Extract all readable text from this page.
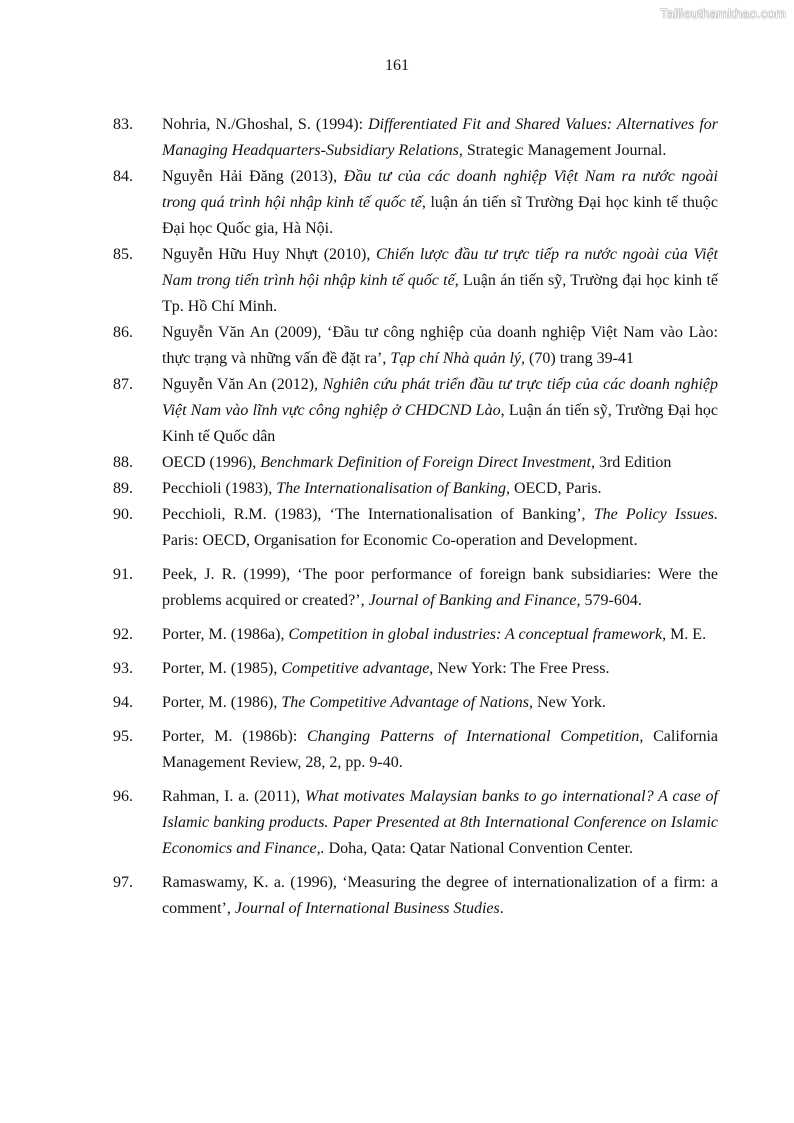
Tailieuthamkhao.com
161
83. Nohria, N./Ghoshal, S. (1994): Differentiated Fit and Shared Values: Alternatives for Managing Headquarters-Subsidiary Relations, Strategic Management Journal.
84. Nguyễn Hải Đăng (2013), Đầu tư của các doanh nghiệp Việt Nam ra nước ngoài trong quá trình hội nhập kinh tế quốc tế, luận án tiến sĩ Trường Đại học kinh tế thuộc Đại học Quốc gia, Hà Nội.
85. Nguyễn Hữu Huy Nhựt (2010), Chiến lược đầu tư trực tiếp ra nước ngoài của Việt Nam trong tiến trình hội nhập kinh tế quốc tế, Luận án tiến sỹ, Trường đại học kinh tế Tp. Hồ Chí Minh.
86. Nguyễn Văn An (2009), ‘Đầu tư công nghiệp của doanh nghiệp Việt Nam vào Lào: thực trạng và những vấn đề đặt ra’, Tạp chí Nhà quản lý, (70) trang 39-41
87. Nguyễn Văn An (2012), Nghiên cứu phát triển đầu tư trực tiếp của các doanh nghiệp Việt Nam vào lĩnh vực công nghiệp ở CHDCND Lào, Luận án tiến sỹ, Trường Đại học Kinh tế Quốc dân
88. OECD (1996), Benchmark Definition of Foreign Direct Investment, 3rd Edition
89. Pecchioli (1983), The Internationalisation of Banking, OECD, Paris.
90. Pecchioli, R.M. (1983), ‘The Internationalisation of Banking’, The Policy Issues. Paris: OECD, Organisation for Economic Co-operation and Development.
91. Peek, J. R. (1999), ‘The poor performance of foreign bank subsidiaries: Were the problems acquired or created?’, Journal of Banking and Finance, 579-604.
92. Porter, M. (1986a), Competition in global industries: A conceptual framework, M. E.
93. Porter, M. (1985), Competitive advantage, New York: The Free Press.
94. Porter, M. (1986), The Competitive Advantage of Nations, New York.
95. Porter, M. (1986b): Changing Patterns of International Competition, California Management Review, 28, 2, pp. 9-40.
96. Rahman, I. a. (2011), What motivates Malaysian banks to go international? A case of Islamic banking products. Paper Presented at 8th International Conference on Islamic Economics and Finance,. Doha, Qata: Qatar National Convention Center.
97. Ramaswamy, K. a. (1996), ‘Measuring the degree of internationalization of a firm: a comment’, Journal of International Business Studies.
